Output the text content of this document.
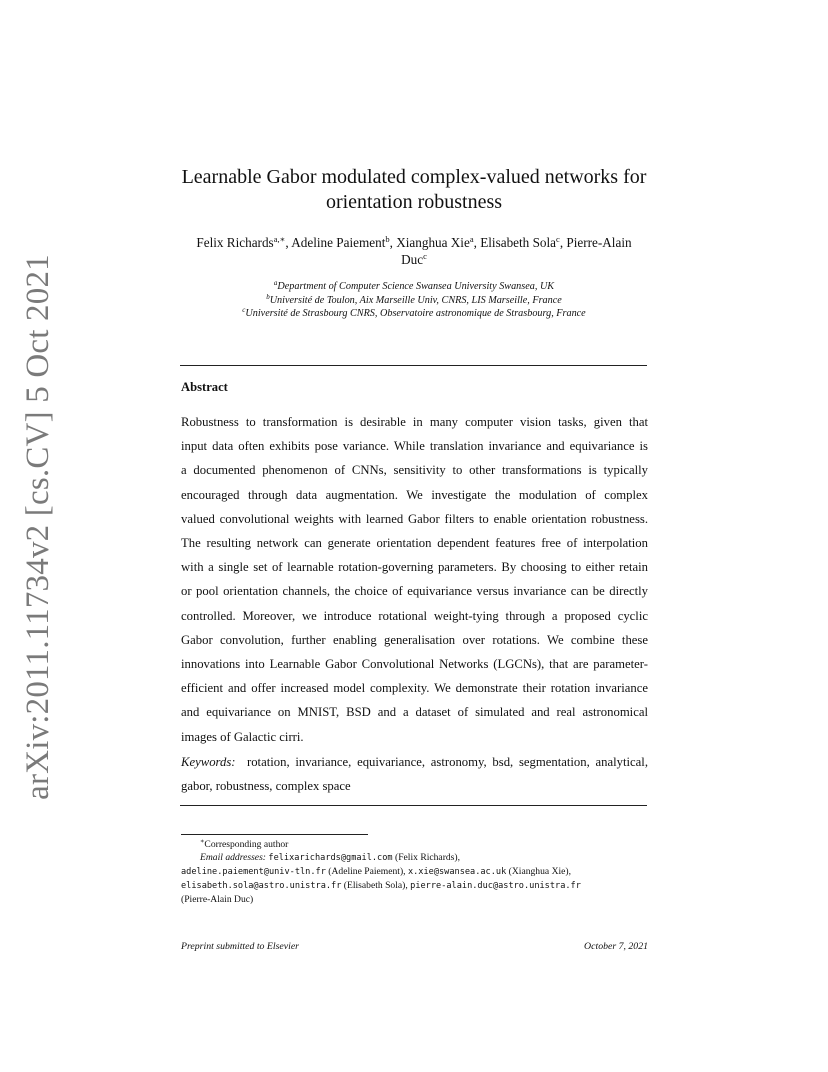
arXiv:2011.11734v2 [cs.CV] 5 Oct 2021
Learnable Gabor modulated complex-valued networks for
orientation robustness
Felix Richards$^{a,∗}$, Adeline Paiement$^b$, Xianghua Xie$^a$, Elisabeth Sola$^c$, Pierre-Alain
Duc$^c$
$^a$Department of Computer Science Swansea University Swansea, UK
$^b$Université de Toulon, Aix Marseille Univ, CNRS, LIS Marseille, France
$^c$Université de Strasbourg CNRS, Observatoire astronomique de Strasbourg, France
Abstract
Robustness to transformation is desirable in many computer vision tasks, given that
input data often exhibits pose variance. While translation invariance and equivariance is
a documented phenomenon of CNNs, sensitivity to other transformations is typically
encouraged through data augmentation. We investigate the modulation of complex
valued convolutional weights with learned Gabor filters to enable orientation robustness.
The resulting network can generate orientation dependent features free of interpolation
with a single set of learnable rotation-governing parameters. By choosing to either retain
or pool orientation channels, the choice of equivariance versus invariance can be directly
controlled. Moreover, we introduce rotational weight-tying through a proposed cyclic
Gabor convolution, further enabling generalisation over rotations. We combine these
innovations into Learnable Gabor Convolutional Networks (LGCNs), that are parameter-
efficient and offer increased model complexity. We demonstrate their rotation invariance
and equivariance on MNIST, BSD and a dataset of simulated and real astronomical
images of Galactic cirri.
Keywords: rotation, invariance, equivariance, astronomy, bsd, segmentation, analytical,
gabor, robustness, complex space
∗Corresponding author
Email addresses: felixarichards@gmail.com (Felix Richards),
adeline.paiement@univ-tln.fr (Adeline Paiement), x.xie@swansea.ac.uk (Xianghua Xie),
elisabeth.sola@astro.unistra.fr (Elisabeth Sola), pierre-alain.duc@astro.unistra.fr
(Pierre-Alain Duc)
Preprint submitted to Elsevier	October 7, 2021
